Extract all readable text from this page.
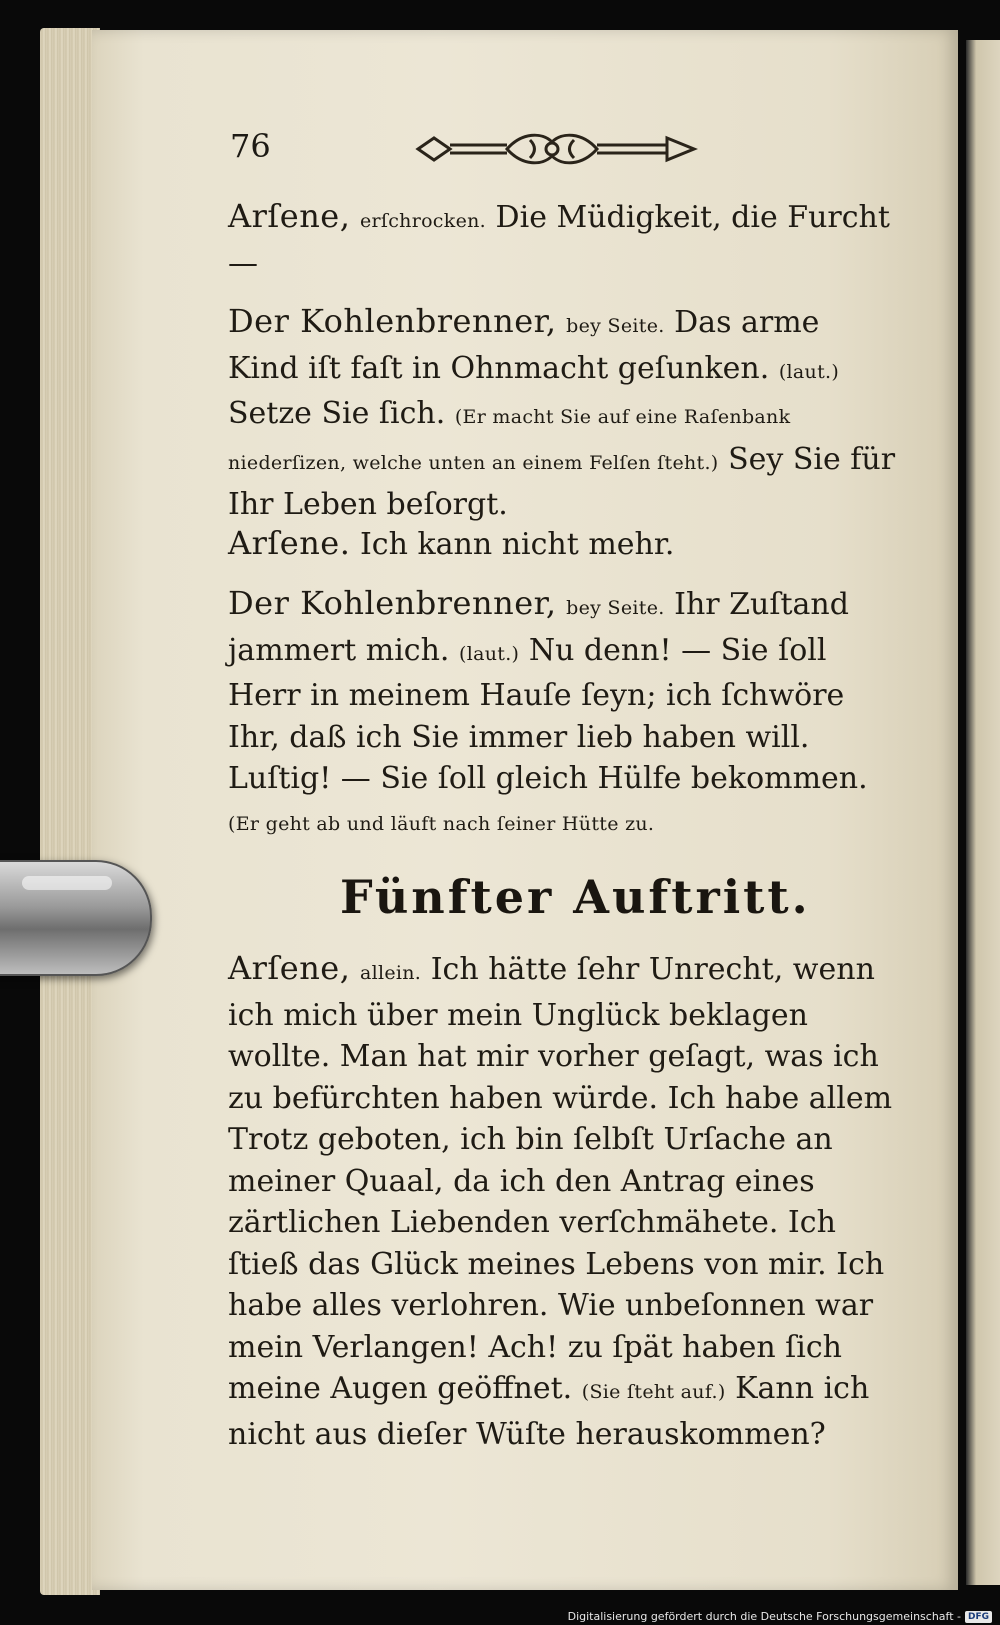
76

Arſene, erſchrocken. Die Müdigkeit, die Furcht —

Der Kohlenbrenner, bey Seite. Das arme Kind iſt faſt in Ohnmacht geſunken. (laut.) Setze Sie ſich. (Er macht Sie auf eine Raſenbank niederſizen, welche unten an einem Felſen ſteht.) Sey Sie für Ihr Leben beſorgt.

Arſene. Ich kann nicht mehr.

Der Kohlenbrenner, bey Seite. Ihr Zuſtand jammert mich. (laut.) Nu denn! — Sie ſoll Herr in meinem Hauſe ſeyn; ich ſchwöre Ihr, daß ich Sie immer lieb haben will. Luſtig! — Sie ſoll gleich Hülfe bekommen. (Er geht ab und läuft nach ſeiner Hütte zu.

Fünfter Auftritt.

Arſene, allein. Ich hätte ſehr Unrecht, wenn ich mich über mein Unglück beklagen wollte. Man hat mir vorher geſagt, was ich zu befürchten haben würde. Ich habe allem Trotz geboten, ich bin ſelbſt Urſache an meiner Quaal, da ich den Antrag eines zärtlichen Liebenden verſchmähete. Ich ſtieß das Glück meines Lebens von mir. Ich habe alles verlohren. Wie unbeſonnen war mein Verlangen! Ach! zu ſpät haben ſich meine Augen geöffnet. (Sie ſteht auf.) Kann ich nicht aus dieſer Wüſte herauskommen?

Digitalisierung gefördert durch die Deutsche Forschungsgemeinschaft - DFG
